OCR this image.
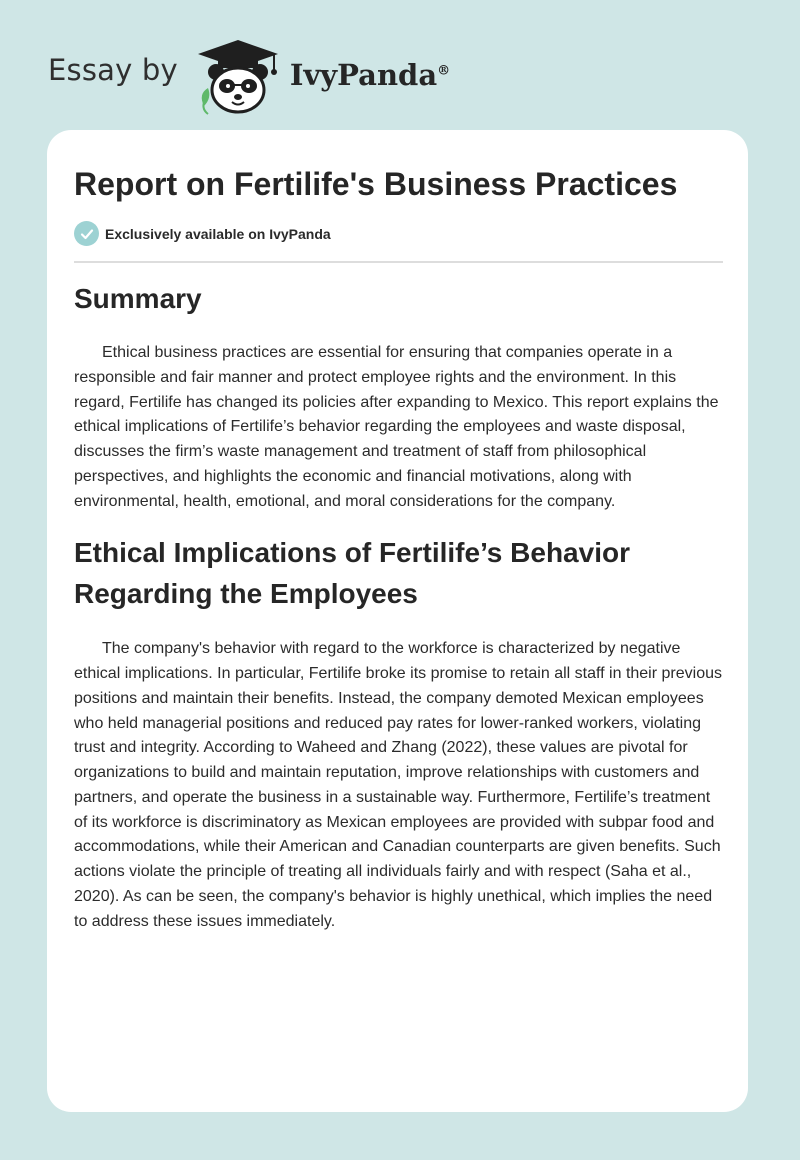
Essay by	IvyPanda®
Report on Fertilife's Business Practices
Exclusively available on IvyPanda
Summary

Ethical business practices are essential for ensuring that companies operate in a responsible and fair manner and protect employee rights and the environment. In this regard, Fertilife has changed its policies after expanding to Mexico. This report explains the ethical implications of Fertilife’s behavior regarding the employees and waste disposal, discusses the firm’s waste management and treatment of staff from philosophical perspectives, and highlights the economic and financial motivations, along with environmental, health, emotional, and moral considerations for the company.

Ethical Implications of Fertilife’s Behavior Regarding the Employees

The company's behavior with regard to the workforce is characterized by negative ethical implications. In particular, Fertilife broke its promise to retain all staff in their previous positions and maintain their benefits. Instead, the company demoted Mexican employees who held managerial positions and reduced pay rates for lower-ranked workers, violating trust and integrity. According to Waheed and Zhang (2022), these values are pivotal for organizations to build and maintain reputation, improve relationships with customers and partners, and operate the business in a sustainable way. Furthermore, Fertilife’s treatment of its workforce is discriminatory as Mexican employees are provided with subpar food and accommodations, while their American and Canadian counterparts are given benefits. Such actions violate the principle of treating all individuals fairly and with respect (Saha et al., 2020). As can be seen, the company's behavior is highly unethical, which implies the need to address these issues immediately.
